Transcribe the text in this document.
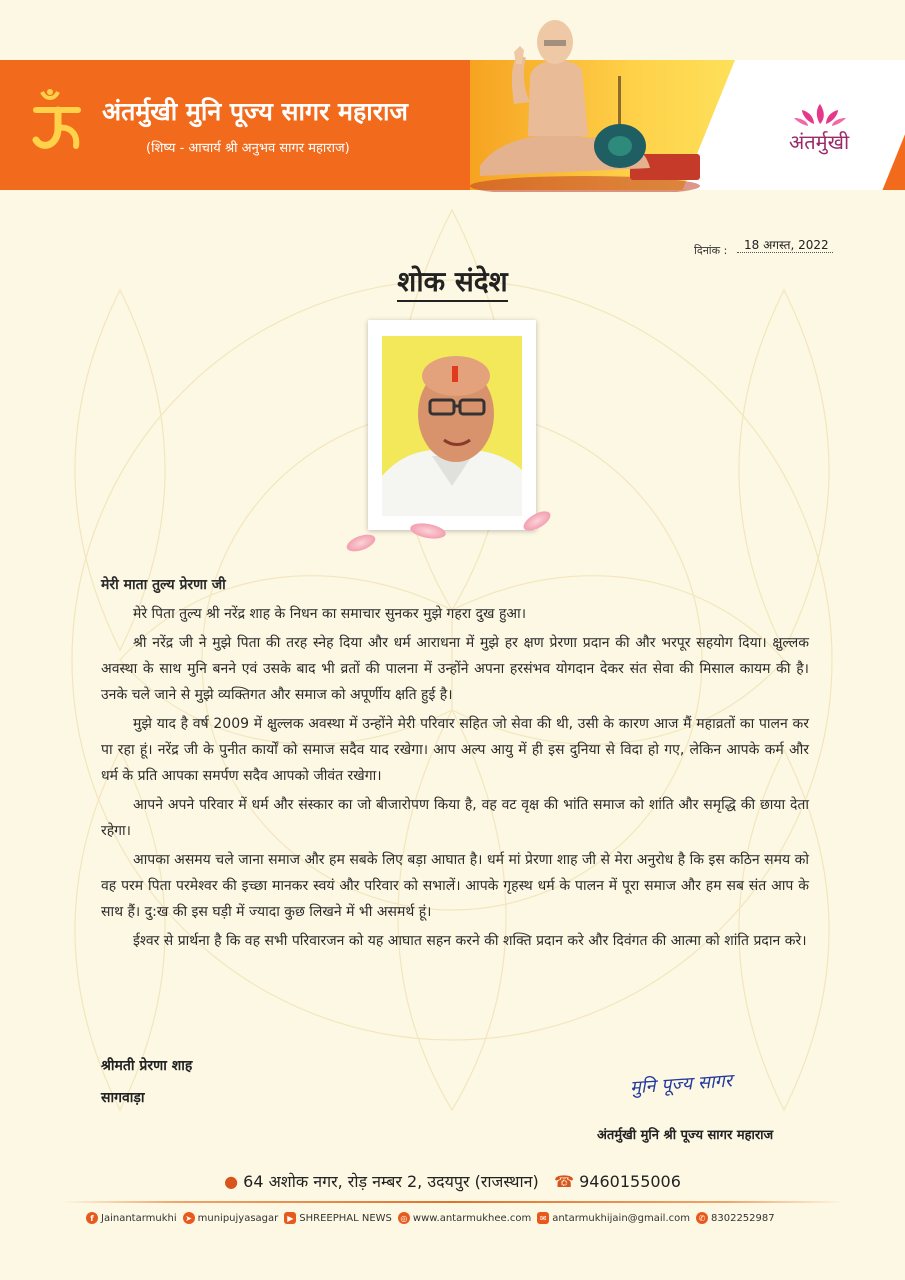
अंतर्मुखी मुनि पूज्य सागर महाराज
(शिष्य - आचार्य श्री अनुभव सागर महाराज)	अंतर्मुखी
दिनांक : 18 अगस्त, 2022
शोक संदेश

मेरी माता तुल्य प्रेरणा जी

मेरे पिता तुल्य श्री नरेंद्र शाह के निधन का समाचार सुनकर मुझे गहरा दुख हुआ।

श्री नरेंद्र जी ने मुझे पिता की तरह स्नेह दिया और धर्म आराधना में मुझे हर क्षण प्रेरणा प्रदान की और भरपूर सहयोग दिया। क्षुल्लक अवस्था के साथ मुनि बनने एवं उसके बाद भी व्रतों की पालना में उन्होंने अपना हरसंभव योगदान देकर संत सेवा की मिसाल कायम की है। उनके चले जाने से मुझे व्यक्तिगत और समाज को अपूर्णीय क्षति हुई है।

मुझे याद है वर्ष 2009 में क्षुल्लक अवस्था में उन्होंने मेरी परिवार सहित जो सेवा की थी, उसी के कारण आज मैं महाव्रतों का पालन कर पा रहा हूं। नरेंद्र जी के पुनीत कार्यों को समाज सदैव याद रखेगा। आप अल्प आयु में ही इस दुनिया से विदा हो गए, लेकिन आपके कर्म और धर्म के प्रति आपका समर्पण सदैव आपको जीवंत रखेगा।

आपने अपने परिवार में धर्म और संस्कार का जो बीजारोपण किया है, वह वट वृक्ष की भांति समाज को शांति और समृद्धि की छाया देता रहेगा।

आपका असमय चले जाना समाज और हम सबके लिए बड़ा आघात है। धर्म मां प्रेरणा शाह जी से मेरा अनुरोध है कि इस कठिन समय को वह परम पिता परमेश्वर की इच्छा मानकर स्वयं और परिवार को सभालें। आपके गृहस्थ धर्म के पालन में पूरा समाज और हम सब संत आप के साथ हैं। दु:ख की इस घड़ी में ज्यादा कुछ लिखने में भी असमर्थ हूं।

ईश्वर से प्रार्थना है कि वह सभी परिवारजन को यह आघात सहन करने की शक्ति प्रदान करे और दिवंगत की आत्मा को शांति प्रदान करे।

श्रीमती प्रेरणा शाह
सागवाड़ा	मुनि पूज्य सागर
अंतर्मुखी मुनि श्री पूज्य सागर महाराज
● 64 अशोक नगर, रोड़ नम्बर 2, उदयपुर (राजस्थान) ☎ 9460155006
f Jainantarmukhi	➤ munipujyasagar	▶ SHREEPHAL NEWS	◎ www.antarmukhee.com	✉ antarmukhijain@gmail.com	✆ 8302252987
